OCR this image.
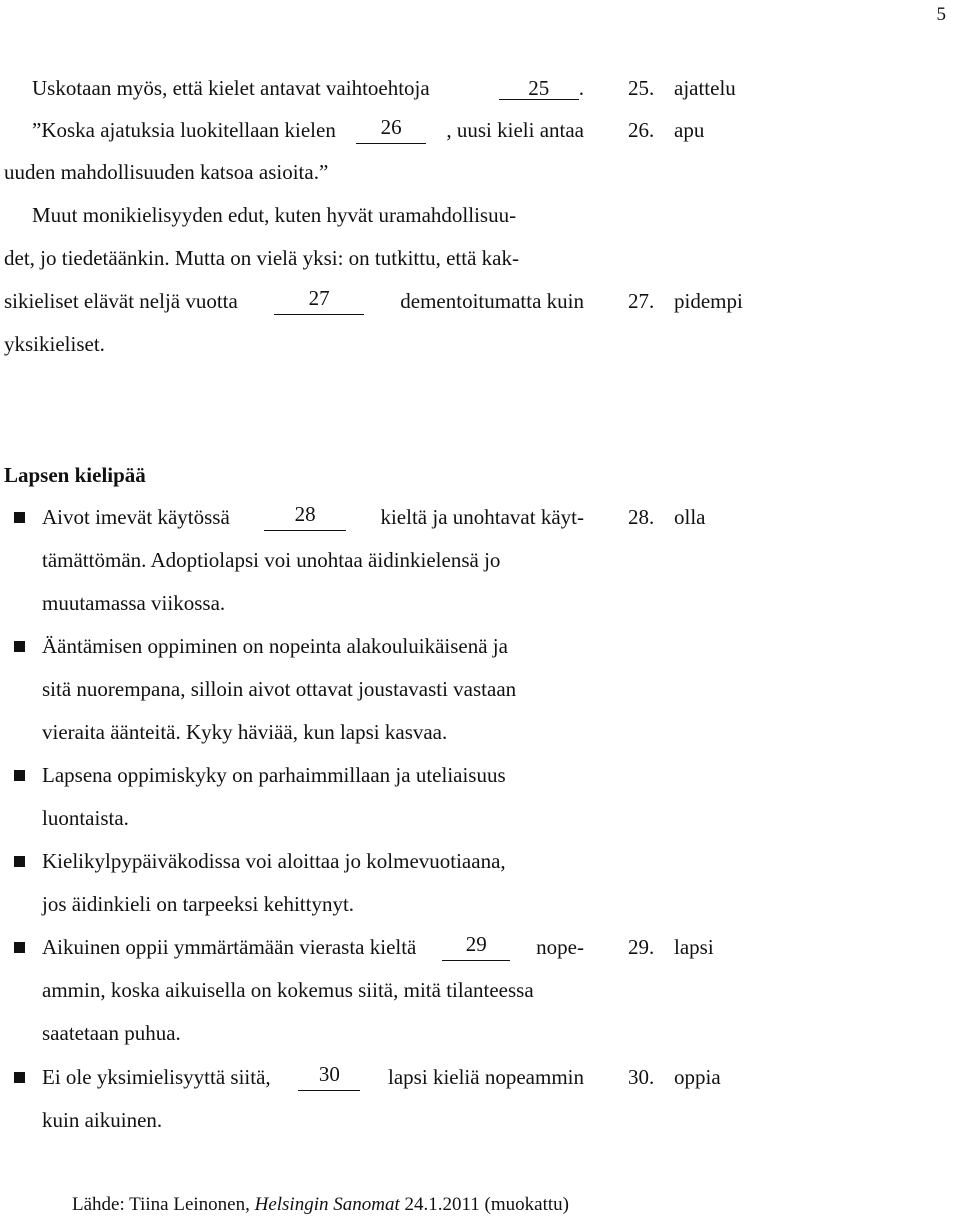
5
Uskotaan myös, että kielet antavat vaihtoehtoja	25 .
”Koska ajatuksia luokitellaan kielen	26	, uusi kieli antaa
uuden mahdollisuuden katsoa asioita.”
Muut monikielisyyden edut, kuten hyvät uramahdollisuu-
det, jo tiedetäänkin. Mutta on vielä yksi: on tutkittu, että kak-
sikieliset elävät neljä vuotta	27	dementoitumatta kuin
yksikieliset.
25. ajattelu
26. apu
27. pidempi
28. olla
29. lapsi
30. oppia
Lapsen kielipää
Aivot imevät käytössä	28	kieltä ja unohtavat käyt-
tämättömän. Adoptiolapsi voi unohtaa äidinkielensä jo
muutamassa viikossa.
Ääntämisen oppiminen on nopeinta alakouluikäisenä ja
sitä nuorempana, silloin aivot ottavat joustavasti vastaan
vieraita äänteitä. Kyky häviää, kun lapsi kasvaa.
Lapsena oppimiskyky on parhaimmillaan ja uteliaisuus
luontaista.
Kielikylpypäiväkodissa voi aloittaa jo kolmevuotiaana,
jos äidinkieli on tarpeeksi kehittynyt.
Aikuinen oppii ymmärtämään vierasta kieltä	29	nope-
ammin, koska aikuisella on kokemus siitä, mitä tilanteessa
saatetaan puhua.
Ei ole yksimielisyyttä siitä,	30	lapsi kieliä nopeammin
kuin aikuinen.
Lähde: Tiina Leinonen, Helsingin Sanomat 24.1.2011 (muokattu)
